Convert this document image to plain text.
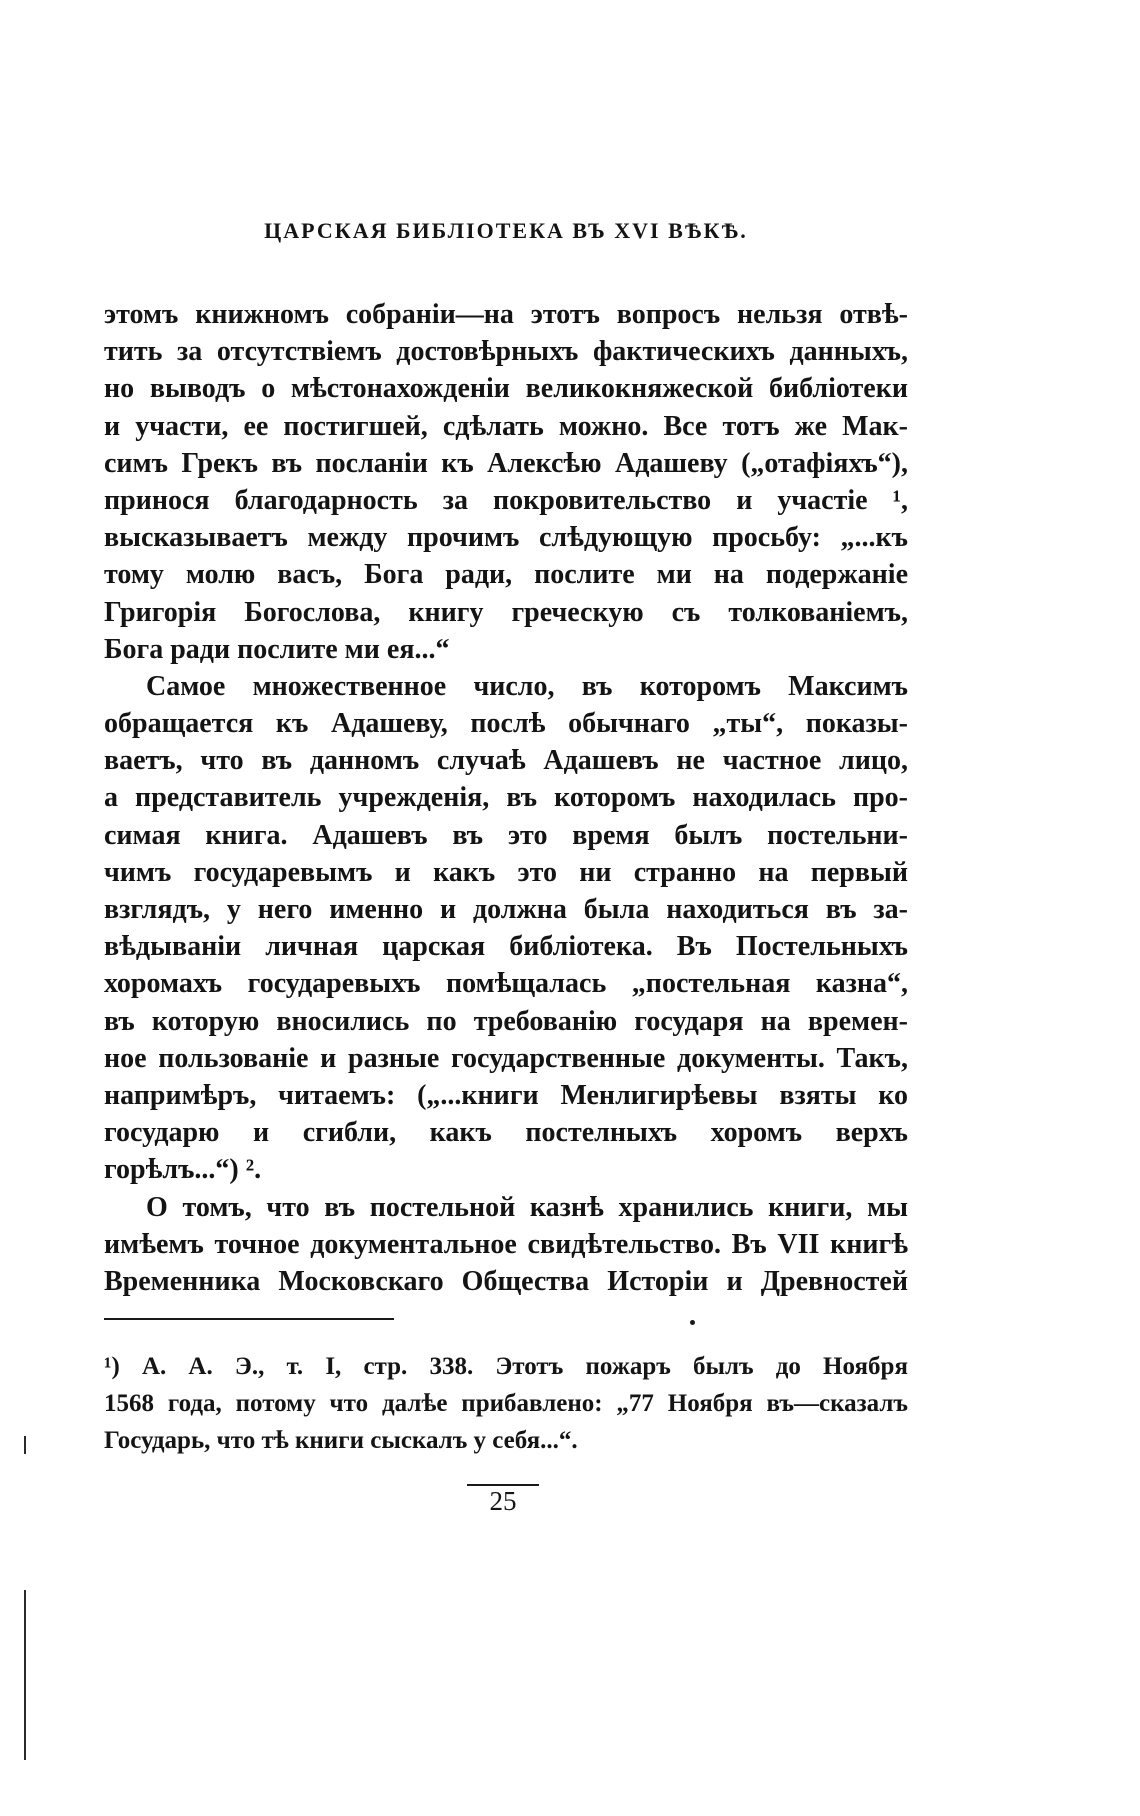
ЦАРСКАЯ БИБЛІОТЕКА ВЪ XVI ВѢКѢ.
этомъ книжномъ собраніи—на этотъ вопросъ нельзя отвѣ-
тить за отсутствіемъ достовѣрныхъ фактическихъ данныхъ,
но выводъ о мѣстонахожденіи великокняжеской библіотеки
и участи, ее постигшей, сдѣлать можно. Все тотъ же Мак-
симъ Грекъ въ посланіи къ Алексѣю Адашеву („отафіяхъ“),
принося благодарность за покровительство и участіе ¹,
высказываетъ между прочимъ слѣдующую просьбу: „...къ
тому молю васъ, Бога ради, послите ми на подержаніе
Григорія Богослова, книгу греческую съ толкованіемъ,
Бога ради послите ми ея...“
Самое множественное число, въ которомъ Максимъ
обращается къ Адашеву, послѣ обычнаго „ты“, показы-
ваетъ, что въ данномъ случаѣ Адашевъ не частное лицо,
а представитель учрежденія, въ которомъ находилась про-
симая книга. Адашевъ въ это время былъ постельни-
чимъ государевымъ и какъ это ни странно на первый
взглядъ, у него именно и должна была находиться въ за-
вѣдываніи личная царская библіотека. Въ Постельныхъ
хоромахъ государевыхъ помѣщалась „постельная казна“,
въ которую вносились по требованію государя на времен-
ное пользованіе и разные государственные документы. Такъ,
напримѣръ, читаемъ: („...книги Менлигирѣевы взяты ко
государю и сгибли, какъ постелныхъ хоромъ верхъ
горѣлъ...“) ².
О томъ, что въ постельной казнѣ хранились книги, мы
имѣемъ точное документальное свидѣтельство. Въ VII книгѣ
Временника Московскаго Общества Исторіи и Древностей
¹) А. А. Э., т. I, стр. 338. Этотъ пожаръ былъ до Ноября
1568 года, потому что далѣе прибавлено: „77 Ноября въ—сказалъ
Государь, что тѣ книги сыскалъ у себя...“.
25
